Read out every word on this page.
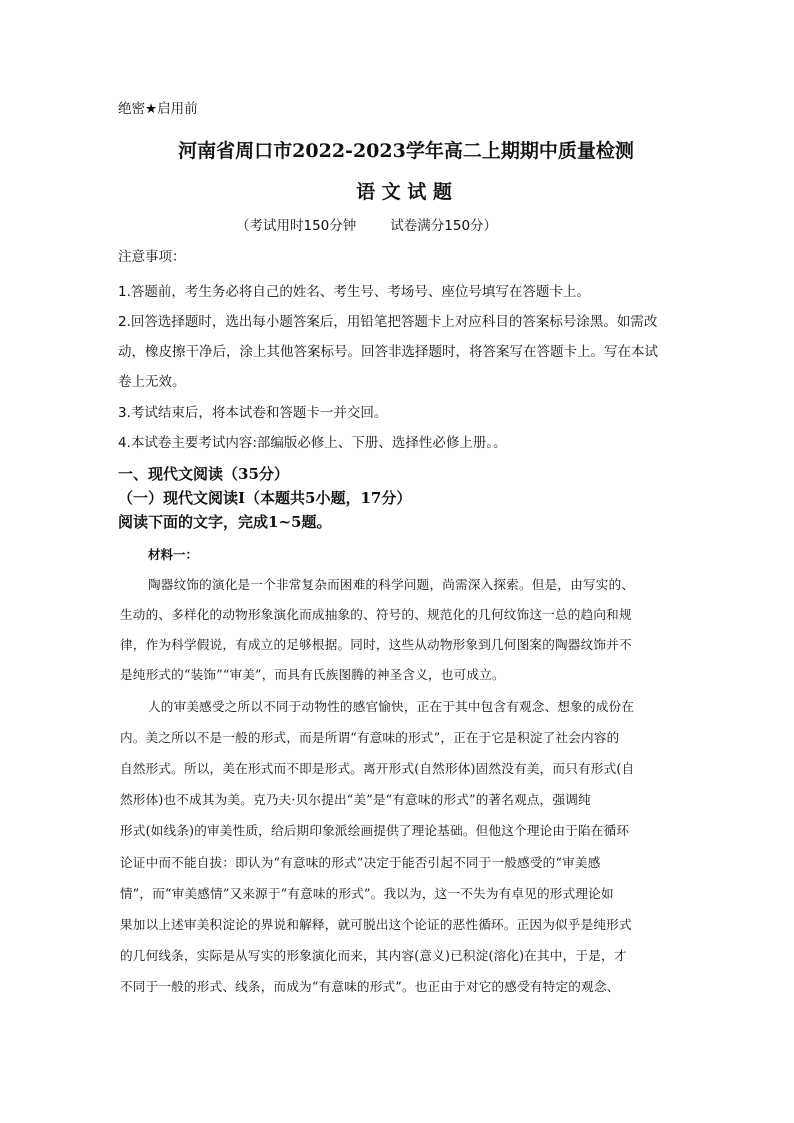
绝密★启用前
河南省周口市2022-2023学年高二上期期中质量检测
语 文 试 题
（考试用时150分钟	试卷满分150分）
注意事项：
1.答题前，考生务必将自己的姓名、考生号、考场号、座位号填写在答题卡上。
2.回答选择题时，选出每小题答案后，用铅笔把答题卡上对应科目的答案标号涂黑。如需改
动，橡皮擦干净后，涂上其他答案标号。回答非选择题时，将答案写在答题卡上。写在本试
卷上无效。
3.考试结束后，将本试卷和答题卡一并交回。
4.本试卷主要考试内容:部编版必修上、下册、选择性必修上册。。
一、现代文阅读（35分）
（一）现代文阅读Ⅰ（本题共5小题，17分）
阅读下面的文字，完成1~5题。
材料一：
陶器纹饰的演化是一个非常复杂而困难的科学问题，尚需深入探索。但是，由写实的、
生动的、多样化的动物形象演化而成抽象的、符号的、规范化的几何纹饰这一总的趋向和规
律，作为科学假说，有成立的足够根据。同时，这些从动物形象到几何图案的陶器纹饰并不
是纯形式的“装饰”“审美”，而具有氏族图腾的神圣含义，也可成立。
人的审美感受之所以不同于动物性的感官愉快，正在于其中包含有观念、想象的成份在
内。美之所以不是一般的形式，而是所谓“有意味的形式”，正在于它是积淀了社会内容的
自然形式。所以，美在形式而不即是形式。离开形式(自然形体)固然没有美，而只有形式(自
然形体)也不成其为美。克乃夫·贝尔提出“美”是“有意味的形式”的著名观点，强调纯
形式(如线条)的审美性质，给后期印象派绘画提供了理论基础。但他这个理论由于陷在循环
论证中而不能自拔：即认为“有意味的形式”决定于能否引起不同于一般感受的“审美感
情”，而“审美感情”又来源于“有意味的形式”。我以为，这一不失为有卓见的形式理论如
果加以上述审美积淀论的界说和解释，就可脱出这个论证的恶性循环。正因为似乎是纯形式
的几何线条，实际是从写实的形象演化而来，其内容(意义)已积淀(溶化)在其中，于是，才
不同于一般的形式、线条，而成为“有意味的形式”。也正由于对它的感受有特定的观念、
